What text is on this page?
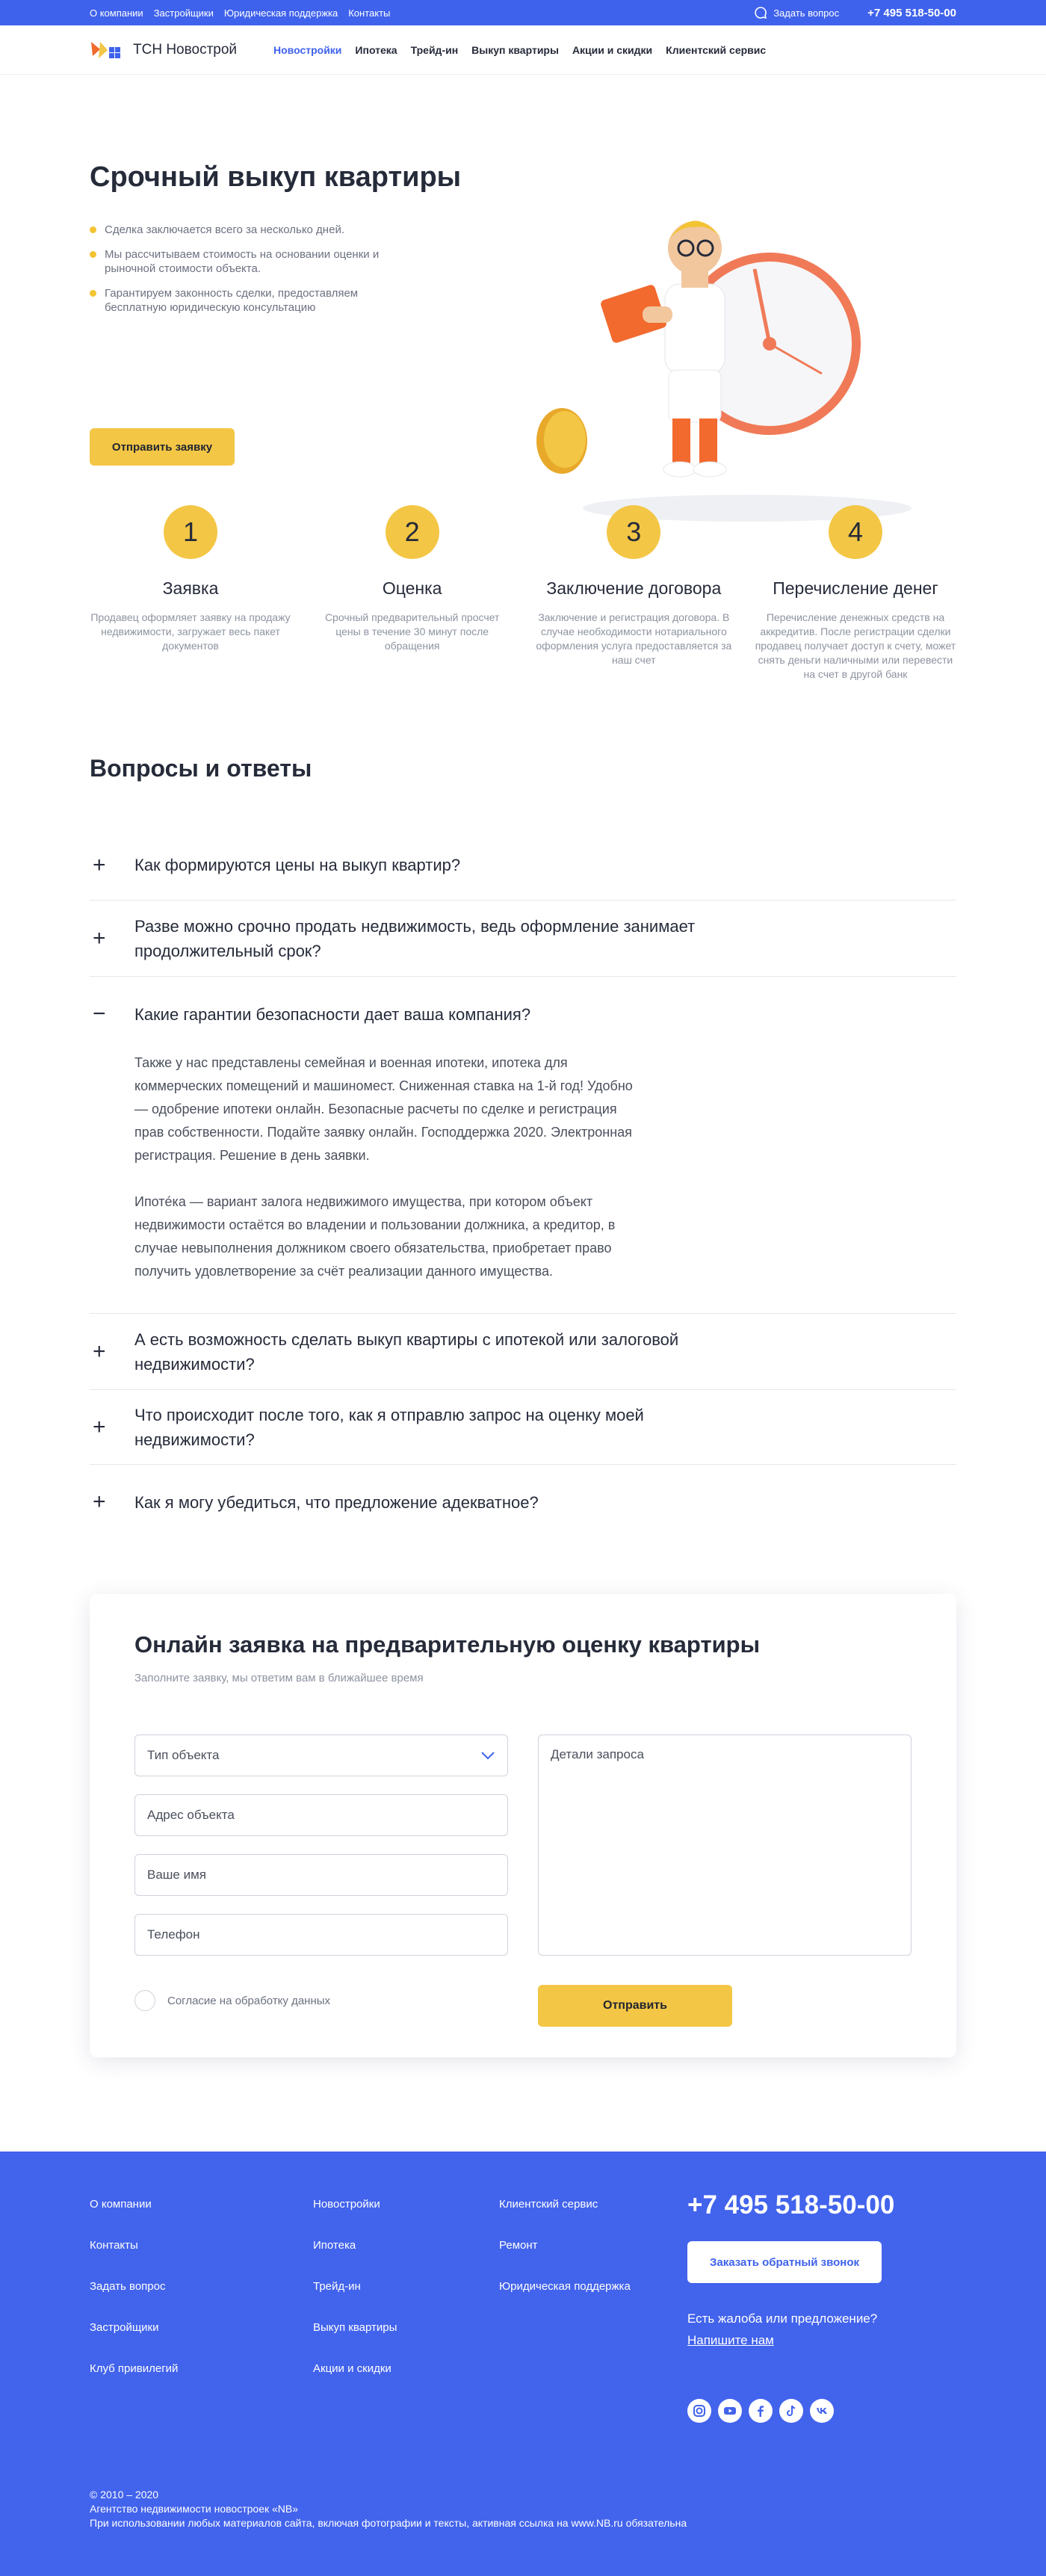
О компании Застройщики Юридическая поддержка Контакты	Задать вопрос	+7 495 518-50-00
ТСН Новострой	Новостройки Ипотека Трейд-ин Выкуп квартиры Акции и скидки Клиентский сервис
Срочный выкуп квартиры
Сделка заключается всего за несколько дней.
Мы рассчитываем стоимость на основании оценки и рыночной стоимости объекта.
Гарантируем законность сделки, предоставляем бесплатную юридическую консультацию
Отправить заявку
1
Заявка
Продавец оформляет заявку на продажу недвижимости, загружает весь пакет документов
2
Оценка
Срочный предварительный просчет цены в течение 30 минут после обращения
3
Заключение договора
Заключение и регистрация договора. В случае необходимости нотариального оформления услуга предоставляется за наш счет
4
Перечисление денег
Перечисление денежных средств на аккредитив. После регистрации сделки продавец получает доступ к счету, может снять деньги наличными или перевести на счет в другой банк
Вопросы и ответы
+	Как формируются цены на выкуп квартир?
+	Разве можно срочно продать недвижимость, ведь оформление занимает продолжительный срок?
−	Какие гарантии безопасности дает ваша компания?

Также у нас представлены семейная и военная ипотеки, ипотека для коммерческих помещений и машиномест. Сниженная ставка на 1-й год! Удобно — одобрение ипотеки онлайн. Безопасные расчеты по сделке и регистрация прав собственности. Подайте заявку онлайн. Господдержка 2020. Электронная регистрация. Решение в день заявки.

Ипотéка — вариант залога недвижимого имущества, при котором объект недвижимости остаётся во владении и пользовании должника, а кредитор, в случае невыполнения должником своего обязательства, приобретает право получить удовлетворение за счёт реализации данного имущества.

+	А есть возможность сделать выкуп квартиры с ипотекой или залоговой недвижимости?
+	Что происходит после того, как я отправлю запрос на оценку моей недвижимости?
+	Как я могу убедиться, что предложение адекватное?
Онлайн заявка на предварительную оценку квартиры
Заполните заявку, мы ответим вам в ближайшее время
Тип объекта
Адрес объекта
Ваше имя
Телефон
Детали запроса
Согласие на обработку данных	Отправить
О компании
Контакты
Задать вопрос
Застройщики
Клуб привилегий
Новостройки
Ипотека
Трейд-ин
Выкуп квартиры
Акции и скидки
Клиентский сервис
Ремонт
Юридическая поддержка
+7 495 518-50-00
Заказать обратный звонок
Есть жалоба или предложение?
Напишите нам
© 2010 – 2020
Агентство недвижимости новостроек «NB»
При использовании любых материалов сайта, включая фотографии и тексты, активная ссылка на www.NB.ru обязательна
